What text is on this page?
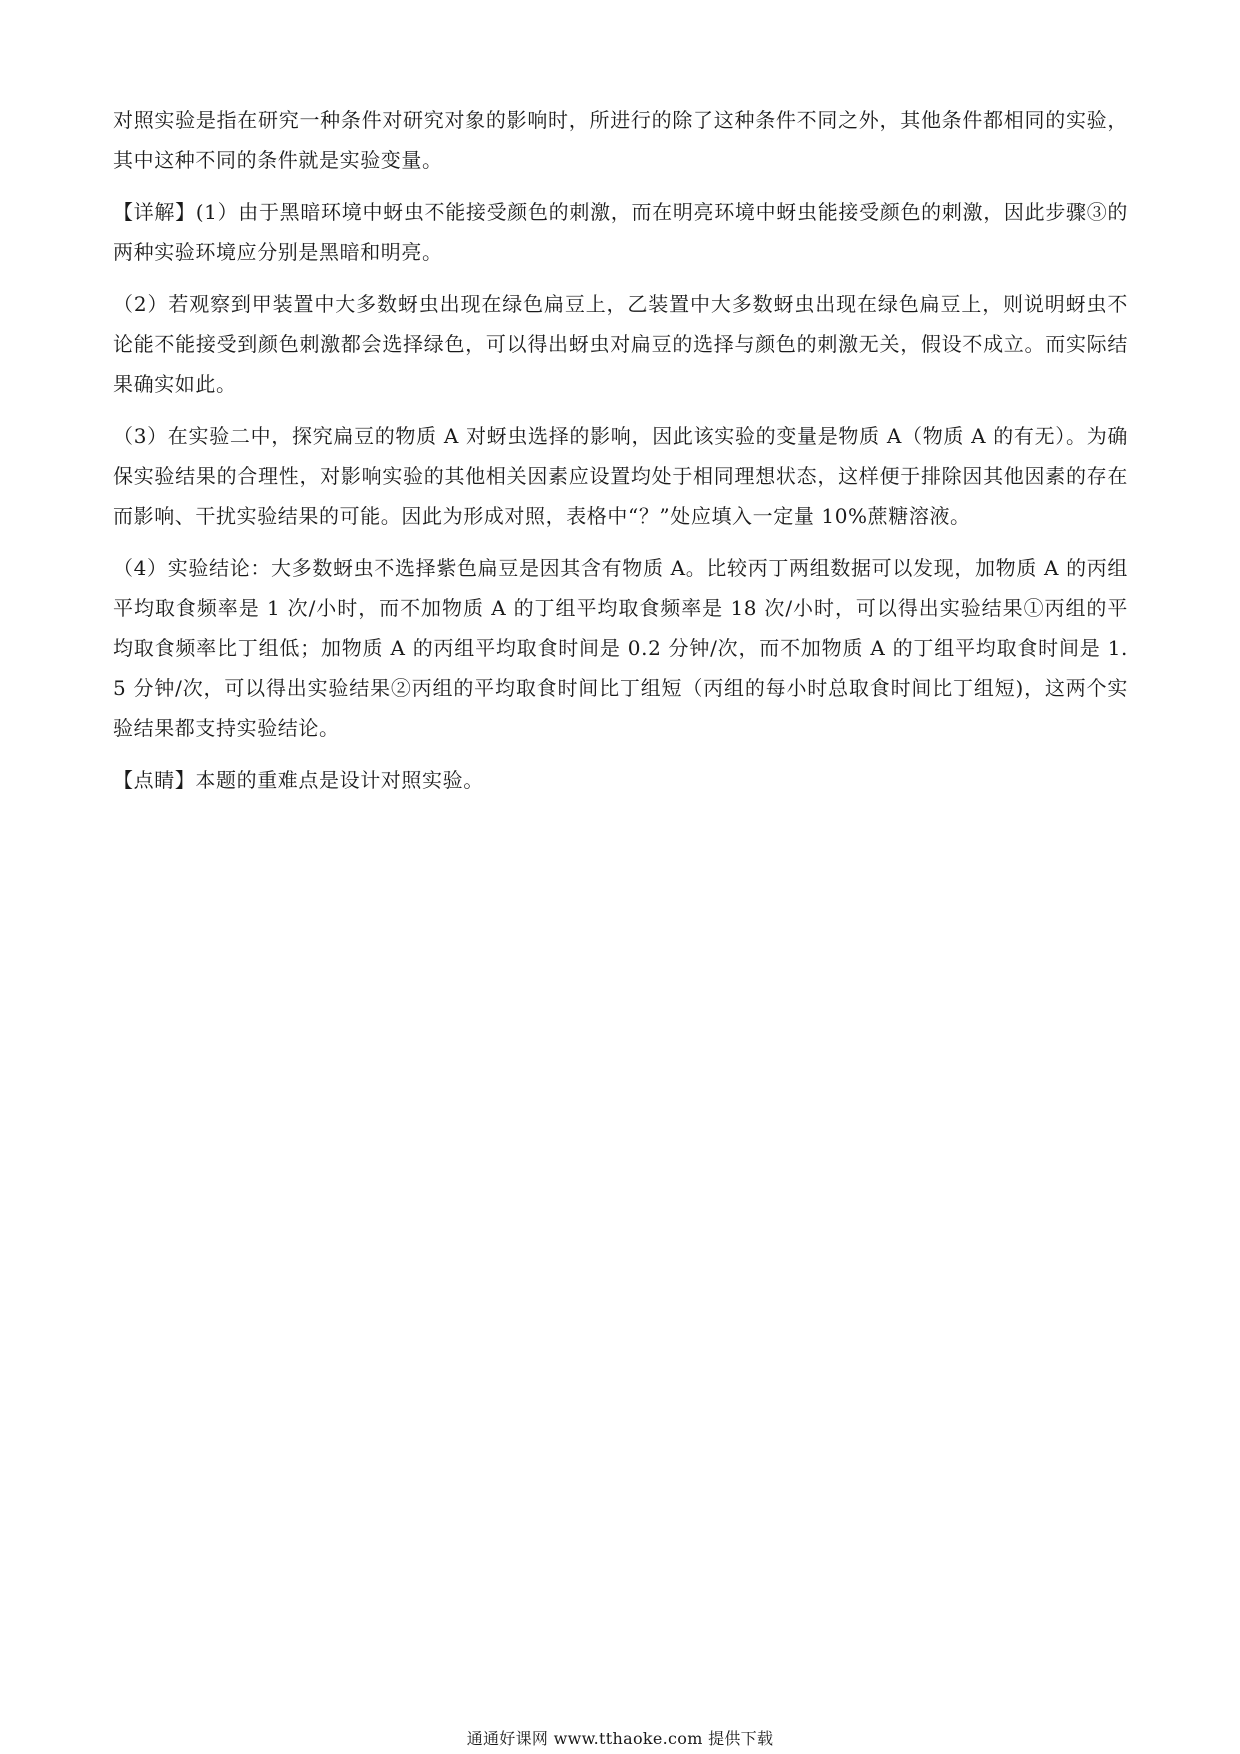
对照实验是指在研究一种条件对研究对象的影响时，所进行的除了这种条件不同之外，其他条件都相同的实验，其中这种不同的条件就是实验变量。

【详解】(1）由于黑暗环境中蚜虫不能接受颜色的刺激，而在明亮环境中蚜虫能接受颜色的刺激，因此步骤③的两种实验环境应分别是黑暗和明亮。

（2）若观察到甲装置中大多数蚜虫出现在绿色扁豆上，乙装置中大多数蚜虫出现在绿色扁豆上，则说明蚜虫不论能不能接受到颜色刺激都会选择绿色，可以得出蚜虫对扁豆的选择与颜色的刺激无关，假设不成立。而实际结果确实如此。

（3）在实验二中，探究扁豆的物质 A 对蚜虫选择的影响，因此该实验的变量是物质 A（物质 A 的有无）。为确保实验结果的合理性，对影响实验的其他相关因素应设置均处于相同理想状态，这样便于排除因其他因素的存在而影响、干扰实验结果的可能。因此为形成对照，表格中“？”处应填入一定量 10%蔗糖溶液。

（4）实验结论：大多数蚜虫不选择紫色扁豆是因其含有物质 A。比较丙丁两组数据可以发现，加物质 A 的丙组平均取食频率是 1 次/小时，而不加物质 A 的丁组平均取食频率是 18 次/小时，可以得出实验结果①丙组的平均取食频率比丁组低；加物质 A 的丙组平均取食时间是 0.2 分钟/次，而不加物质 A 的丁组平均取食时间是 1.5 分钟/次，可以得出实验结果②丙组的平均取食时间比丁组短（丙组的每小时总取食时间比丁组短)，这两个实验结果都支持实验结论。

【点睛】本题的重难点是设计对照实验。

通通好课网 www.tthaoke.com 提供下载
